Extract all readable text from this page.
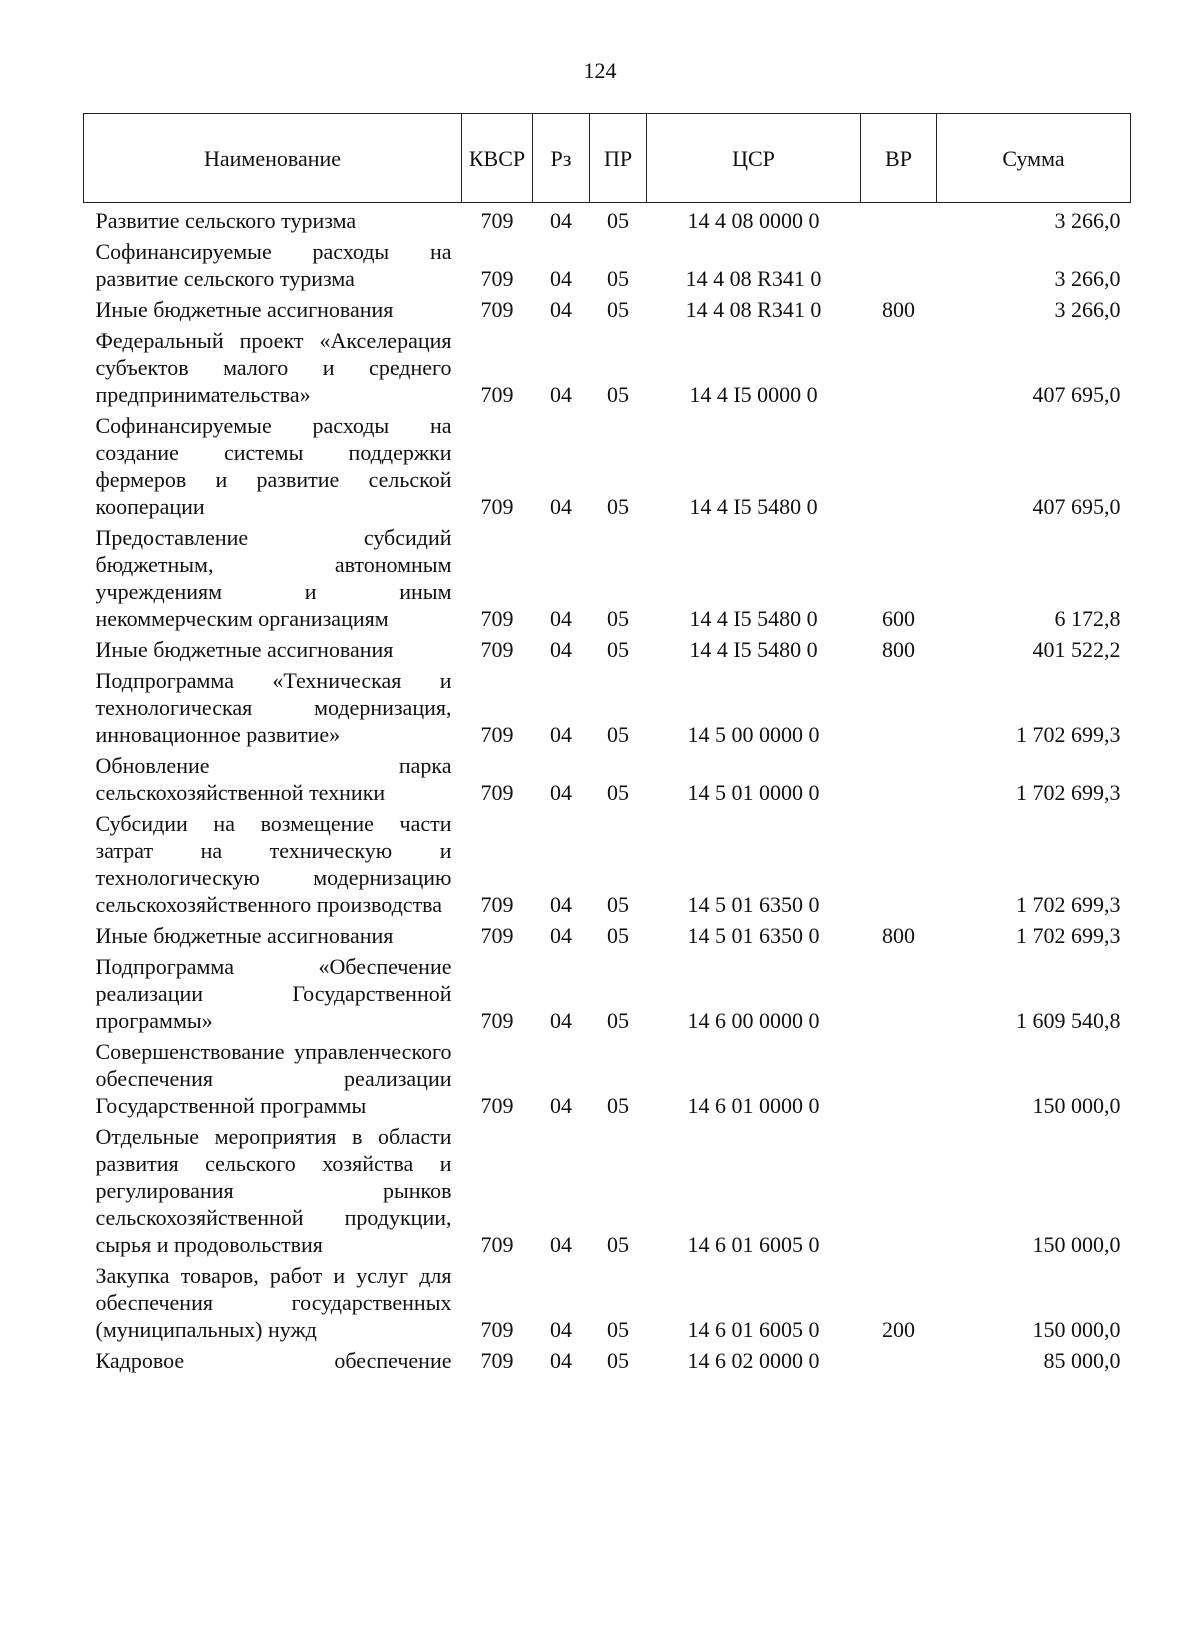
124
Наименование	КВСР	Рз	ПР	ЦСР	ВР	Сумма
Развитие сельского туризма	709	04	05	14 4 08 0000 0		3 266,0
Софинансируемые расходы на развитие сельского туризма	709	04	05	14 4 08 R341 0		3 266,0
Иные бюджетные ассигнования	709	04	05	14 4 08 R341 0	800	3 266,0
Федеральный проект «Акселерация субъектов малого и среднего предпринимательства»	709	04	05	14 4 I5 0000 0		407 695,0
Софинансируемые расходы на создание системы поддержки фермеров и развитие сельской кооперации	709	04	05	14 4 I5 5480 0		407 695,0
Предоставление субсидий бюджетным, автономным учреждениям и иным некоммерческим организациям	709	04	05	14 4 I5 5480 0	600	6 172,8
Иные бюджетные ассигнования	709	04	05	14 4 I5 5480 0	800	401 522,2
Подпрограмма «Техническая и технологическая модернизация, инновационное развитие»	709	04	05	14 5 00 0000 0		1 702 699,3
Обновление парка сельскохозяйственной техники	709	04	05	14 5 01 0000 0		1 702 699,3
Субсидии на возмещение части затрат на техническую и технологическую модернизацию сельскохозяйственного производства	709	04	05	14 5 01 6350 0		1 702 699,3
Иные бюджетные ассигнования	709	04	05	14 5 01 6350 0	800	1 702 699,3
Подпрограмма «Обеспечение реализации Государственной программы»	709	04	05	14 6 00 0000 0		1 609 540,8
Совершенствование управленческого обеспечения реализации Государственной программы	709	04	05	14 6 01 0000 0		150 000,0
Отдельные мероприятия в области развития сельского хозяйства и регулирования рынков сельскохозяйственной продукции, сырья и продовольствия	709	04	05	14 6 01 6005 0		150 000,0
Закупка товаров, работ и услуг для обеспечения государственных (муниципальных) нужд	709	04	05	14 6 01 6005 0	200	150 000,0
Кадровое обеспечение	709	04	05	14 6 02 0000 0		85 000,0
